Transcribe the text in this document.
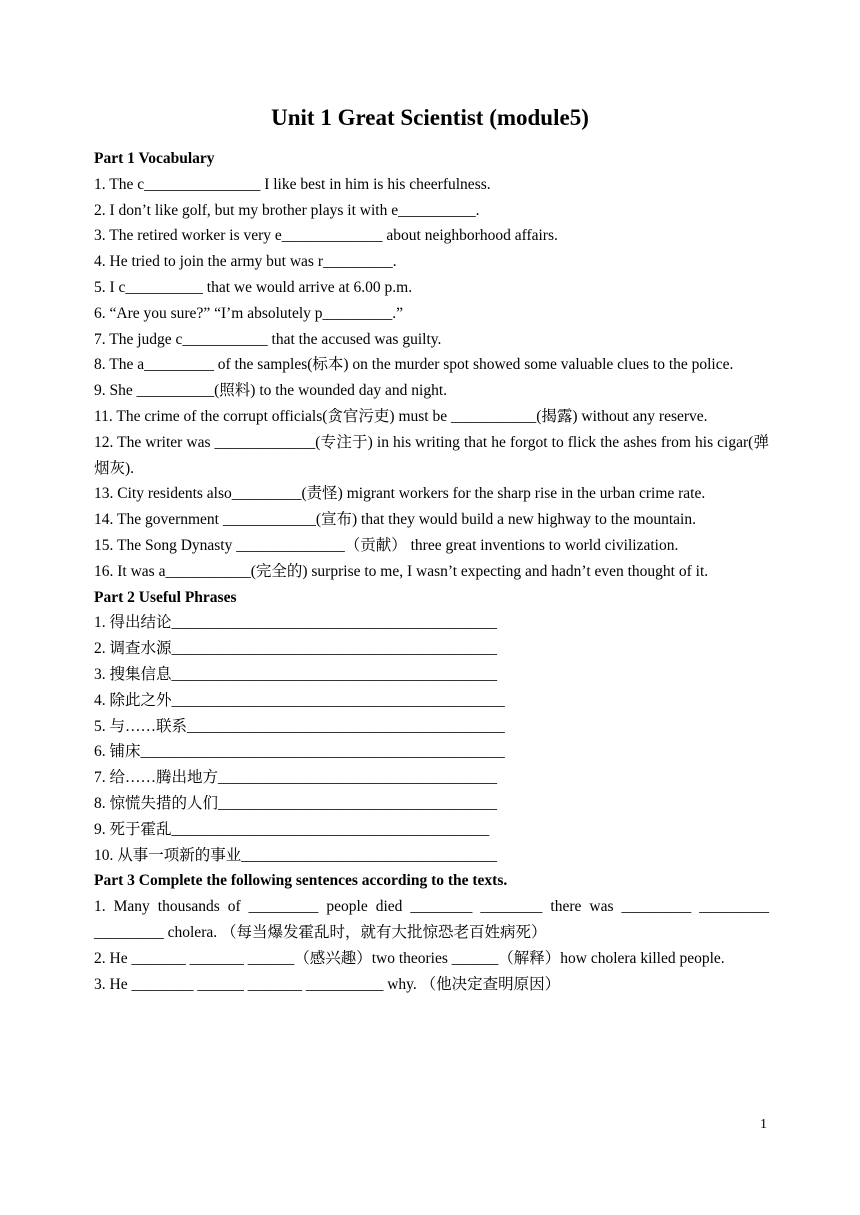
Unit 1 Great Scientist (module5)
Part 1 Vocabulary
1. The c_______________ I like best in him is his cheerfulness.
2. I don’t like golf, but my brother plays it with e__________.
3. The retired worker is very e_____________ about neighborhood affairs.
4. He tried to join the army but was r_________.
5. I c__________ that we would arrive at 6.00 p.m.
6. “Are you sure?” “I’m absolutely p_________.”
7. The judge c___________ that the accused was guilty.
8. The a_________ of the samples(标本) on the murder spot showed some valuable clues to the police.
9. She __________(照料) to the wounded day and night.
11. The crime of the corrupt officials(贪官污吏) must be ___________(揭露) without any reserve.
12. The writer was _____________(专注于) in his writing that he forgot to flick the ashes from his cigar(弹烟灰).
13. City residents also_________(责怪) migrant workers for the sharp rise in the urban crime rate.
14. The government ____________(宣布) that they would build a new highway to the mountain.
15. The Song Dynasty ______________（贡献） three great inventions to world civilization.
16. It was a___________(完全的) surprise to me, I wasn’t expecting and hadn’t even thought of it.
Part 2 Useful Phrases
1. 得出结论__________________________________________
2. 调查水源__________________________________________
3. 搜集信息__________________________________________
4. 除此之外___________________________________________
5. 与……联系_________________________________________
6. 铺床_______________________________________________
7. 给……腾出地方____________________________________
8. 惊慌失措的人们____________________________________
9. 死于霍乱_________________________________________
10. 从事一项新的事业_________________________________
Part 3 Complete the following sentences according to the texts.
1. Many thousands of _________ people died ________ ________ there was _________ _________ _________ cholera. （每当爆发霍乱时，就有大批惊恐老百姓病死）
2. He _______ _______ ______（感兴趣）two theories ______（解释）how cholera killed people.
3. He ________ ______ _______ __________ why. （他决定查明原因）
1
